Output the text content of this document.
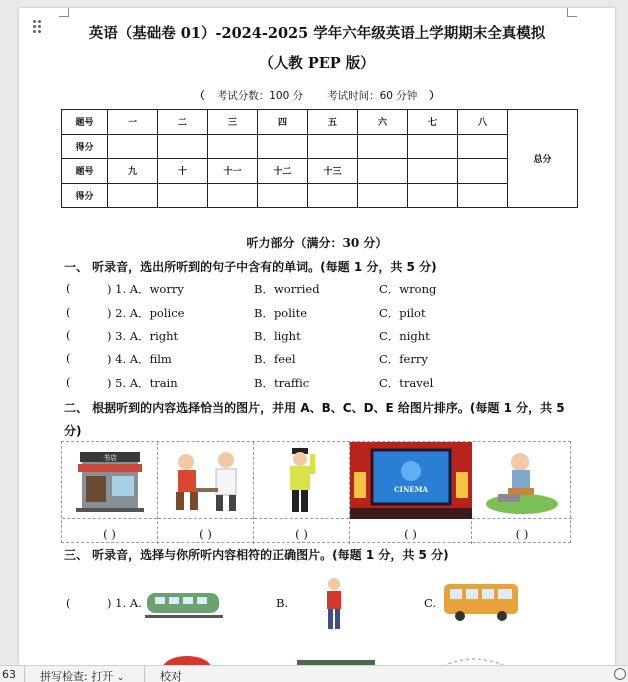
英语（基础卷 01）-2024-2025 学年六年级英语上学期期末全真模拟
（人教 PEP 版）
（ 考试分数：100 分 考试时间：60 分钟 ）
题号	一	二	三	四	五	六	七	八	总分
得分									
题号	九	十	十一	十二	十三				
得分									
听力部分（满分：30 分）
一、 听录音，选出所听到的句子中含有的单词。(每题 1 分，共 5 分)
(	) 1. A．worry	B．worried	C．wrong
(	) 2. A．police	B．polite	C．pilot
(	) 3. A．right	B．light	C．night
(	) 4. A．film	B．feel	C．ferry
(	) 5. A．train	B．traffic	C．travel
二、 根据听到的内容选择恰当的图片，并用 A、B、C、D、E 给图片排序。(每题 1 分，共 5
分)
书店
( )	( )	( )
CINEMA
( )	( )
三、 听录音，选择与你所听内容相符的正确图片。(每题 1 分，共 5 分)
(	) 1. A.	B.	C.
63 拼写检查: 打开 ⌄	校对
